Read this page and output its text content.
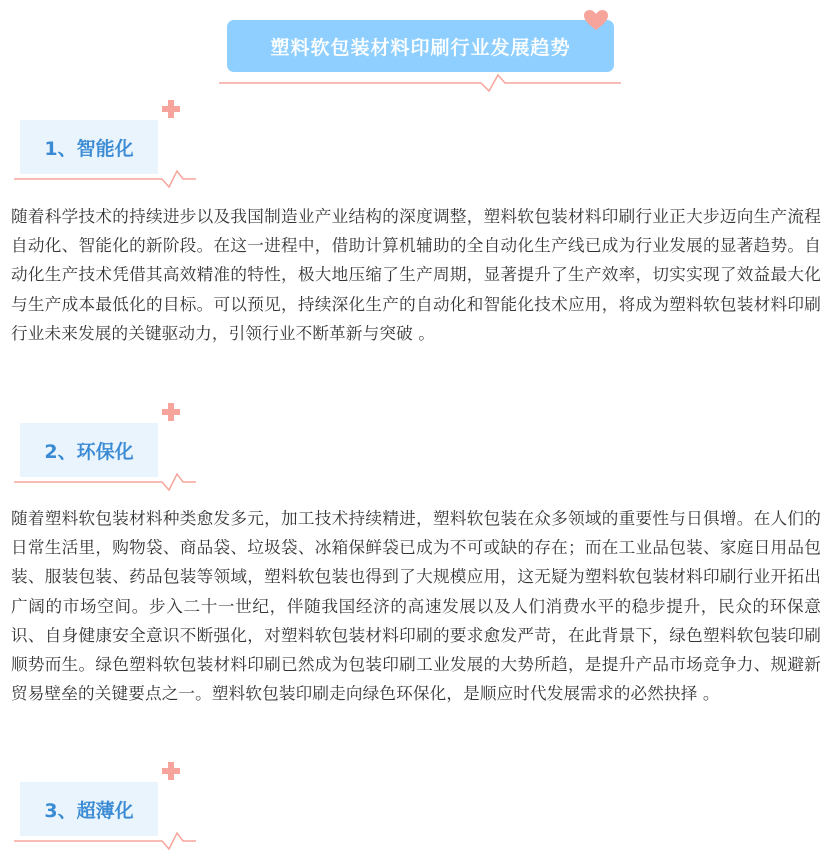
塑料软包装材料印刷行业发展趋势
1、智能化

随着科学技术的持续进步以及我国制造业产业结构的深度调整，塑料软包装材料印刷行业正大步迈向生产流程自动化、智能化的新阶段。在这一进程中，借助计算机辅助的全自动化生产线已成为行业发展的显著趋势。自动化生产技术凭借其高效精准的特性，极大地压缩了生产周期，显著提升了生产效率，切实实现了效益最大化与生产成本最低化的目标。可以预见，持续深化生产的自动化和智能化技术应用，将成为塑料软包装材料印刷行业未来发展的关键驱动力，引领行业不断革新与突破 。

2、环保化

随着塑料软包装材料种类愈发多元，加工技术持续精进，塑料软包装在众多领域的重要性与日俱增。在人们的日常生活里，购物袋、商品袋、垃圾袋、冰箱保鲜袋已成为不可或缺的存在；而在工业品包装、家庭日用品包装、服装包装、药品包装等领域，塑料软包装也得到了大规模应用，这无疑为塑料软包装材料印刷行业开拓出广阔的市场空间。步入二十一世纪，伴随我国经济的高速发展以及人们消费水平的稳步提升，民众的环保意识、自身健康安全意识不断强化，对塑料软包装材料印刷的要求愈发严苛，在此背景下，绿色塑料软包装印刷顺势而生。绿色塑料软包装材料印刷已然成为包装印刷工业发展的大势所趋，是提升产品市场竞争力、规避新贸易壁垒的关键要点之一。塑料软包装印刷走向绿色环保化，是顺应时代发展需求的必然抉择 。

3、超薄化
